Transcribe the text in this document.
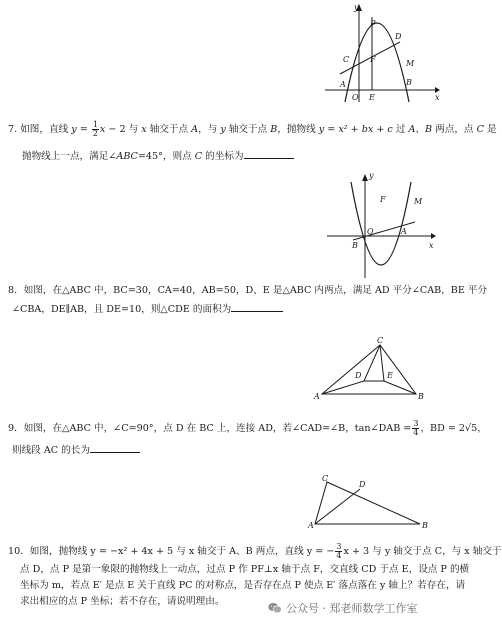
y
x
O E
P
D
C	F	M
A	B
7. 如图，直线 $y = \frac{1}{2}$ x − 2 与 x 轴交于点 A，与 y 轴交于点 B，抛物线 y = x² + bx + c 过 A、B 两点，点 C 是
抛物线上一点，满足∠ABC=45°，则点 C 的坐标为
y
x
O
F	M
B
A
8．如图，在△ABC 中，BC=30，CA=40，AB=50，D、E 是△ABC 内两点，满足 AD 平分∠CAB，BE 平分
∠CBA，DE∥AB，且 DE=10，则△CDE 的面积为
A	B
C
D	E
9．如图，在△ABC 中，∠C=90°，点 D 在 BC 上，连接 AD，若∠CAD=∠B，tan∠DAB = $\frac{3}{4}$ ，BD = 2√5，
则线段 AC 的长为
A	B
C
D
10．如图，抛物线 y = −x² + 4x + 5 与 x 轴交于 A、B 两点，直线 y = − $\frac{3}{4}$ x + 3 与 y 轴交于点 C，与 x 轴交于
点 D，点 P 是第一象限的抛物线上一动点，过点 P 作 PF⊥x 轴于点 F，交直线 CD 于点 E，设点 P 的横
坐标为 m，若点 E′ 是点 E 关于直线 PC 的对称点，是否存在点 P 使点 E′ 落点落在 y 轴上？若存在，请
求出相应的点 P 坐标；若不存在，请说明理由。
公众号 · 郑老师数学工作室
